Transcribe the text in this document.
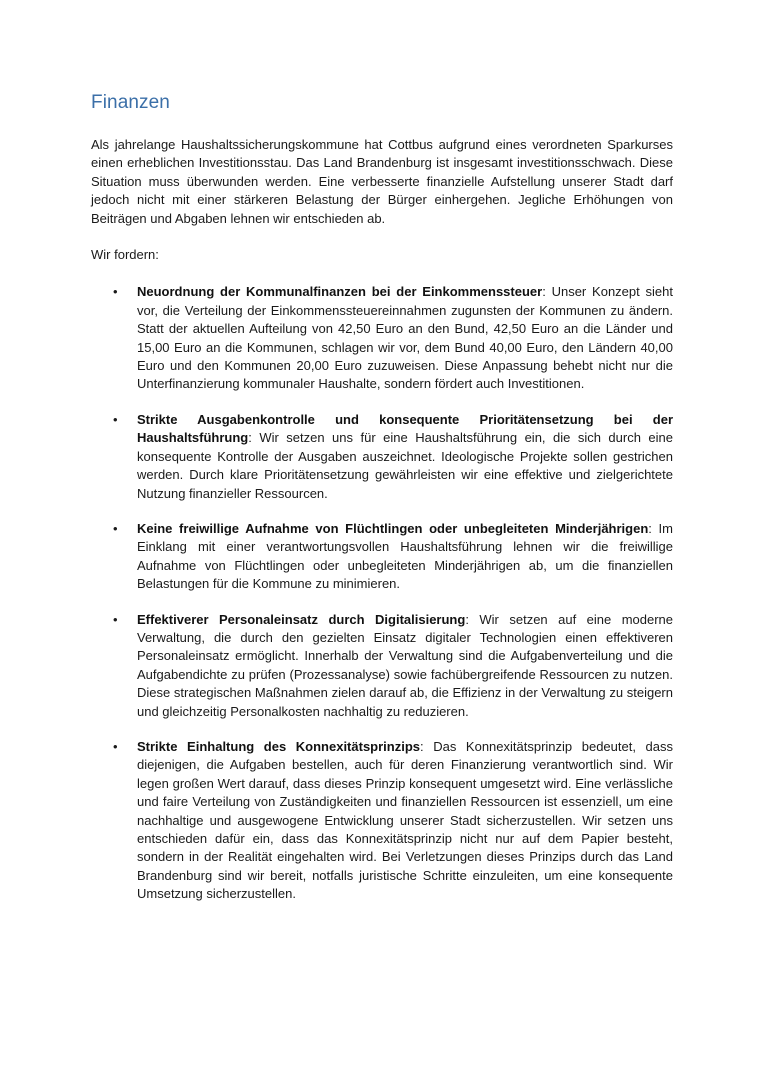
Finanzen

Als jahrelange Haushaltssicherungskommune hat Cottbus aufgrund eines verordneten Sparkurses einen erheblichen Investitionsstau. Das Land Brandenburg ist insgesamt investitionsschwach. Diese Situation muss überwunden werden. Eine verbesserte finanzielle Aufstellung unserer Stadt darf jedoch nicht mit einer stärkeren Belastung der Bürger einhergehen. Jegliche Erhöhungen von Beiträgen und Abgaben lehnen wir entschieden ab.

Wir fordern:

• Neuordnung der Kommunalfinanzen bei der Einkommenssteuer: Unser Konzept sieht vor, die Verteilung der Einkommenssteuereinnahmen zugunsten der Kommunen zu ändern. Statt der aktuellen Aufteilung von 42,50 Euro an den Bund, 42,50 Euro an die Länder und 15,00 Euro an die Kommunen, schlagen wir vor, dem Bund 40,00 Euro, den Ländern 40,00 Euro und den Kommunen 20,00 Euro zuzuweisen. Diese Anpassung behebt nicht nur die Unterfinanzierung kommunaler Haushalte, sondern fördert auch Investitionen.
• Strikte Ausgabenkontrolle und konsequente Prioritätensetzung bei der Haushaltsführung: Wir setzen uns für eine Haushaltsführung ein, die sich durch eine konsequente Kontrolle der Ausgaben auszeichnet. Ideologische Projekte sollen gestrichen werden. Durch klare Prioritätensetzung gewährleisten wir eine effektive und zielgerichtete Nutzung finanzieller Ressourcen.
• Keine freiwillige Aufnahme von Flüchtlingen oder unbegleiteten Minderjährigen: Im Einklang mit einer verantwortungsvollen Haushaltsführung lehnen wir die freiwillige Aufnahme von Flüchtlingen oder unbegleiteten Minderjährigen ab, um die finanziellen Belastungen für die Kommune zu minimieren.
• Effektiverer Personaleinsatz durch Digitalisierung: Wir setzen auf eine moderne Verwaltung, die durch den gezielten Einsatz digitaler Technologien einen effektiveren Personaleinsatz ermöglicht. Innerhalb der Verwaltung sind die Aufgabenverteilung und die Aufgabendichte zu prüfen (Prozessanalyse) sowie fachübergreifende Ressourcen zu nutzen. Diese strategischen Maßnahmen zielen darauf ab, die Effizienz in der Verwaltung zu steigern und gleichzeitig Personalkosten nachhaltig zu reduzieren.
• Strikte Einhaltung des Konnexitätsprinzips: Das Konnexitätsprinzip bedeutet, dass diejenigen, die Aufgaben bestellen, auch für deren Finanzierung verantwortlich sind. Wir legen großen Wert darauf, dass dieses Prinzip konsequent umgesetzt wird. Eine verlässliche und faire Verteilung von Zuständigkeiten und finanziellen Ressourcen ist essenziell, um eine nachhaltige und ausgewogene Entwicklung unserer Stadt sicherzustellen. Wir setzen uns entschieden dafür ein, dass das Konnexitätsprinzip nicht nur auf dem Papier besteht, sondern in der Realität eingehalten wird. Bei Verletzungen dieses Prinzips durch das Land Brandenburg sind wir bereit, notfalls juristische Schritte einzuleiten, um eine konsequente Umsetzung sicherzustellen.
